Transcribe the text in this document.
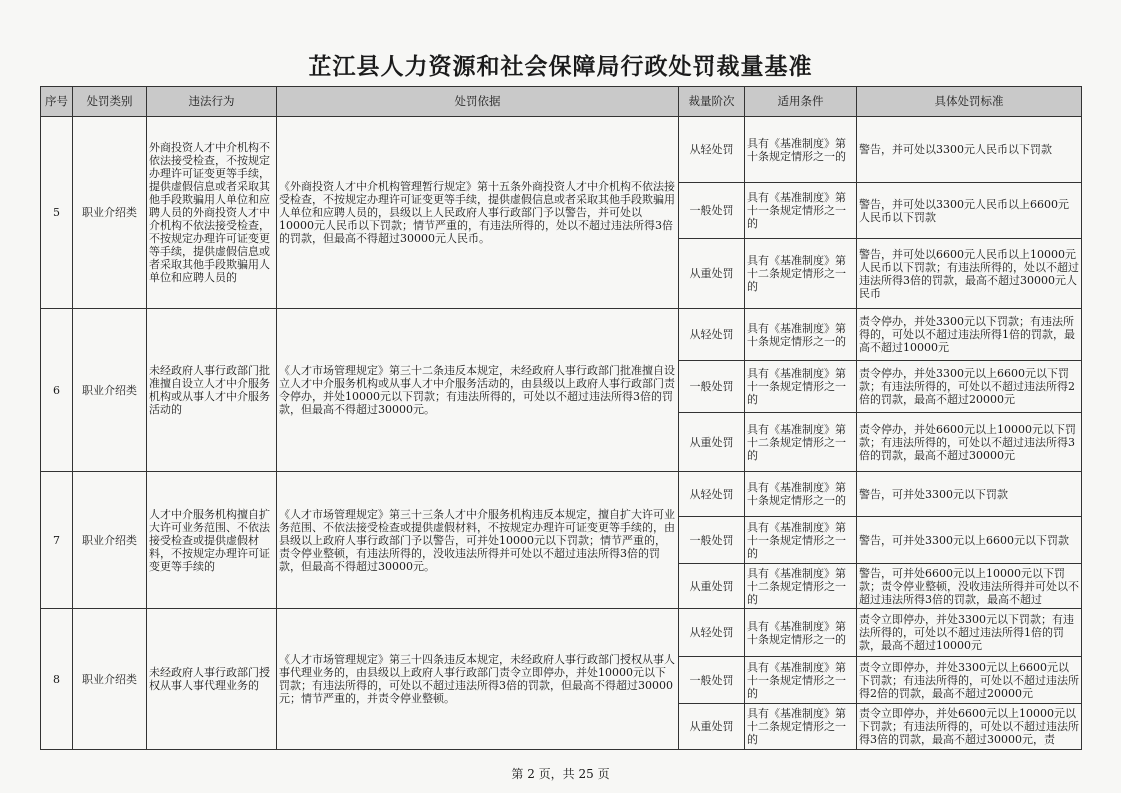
芷江县人力资源和社会保障局行政处罚裁量基准
序号	处罚类别	违法行为	处罚依据	裁量阶次	适用条件	具体处罚标准
5	职业介绍类	外商投资人才中介机构不依法接受检查，不按规定办理许可证变更等手续，提供虚假信息或者采取其他手段欺骗用人单位和应聘人员的外商投资人才中介机构不依法接受检查，不按规定办理许可证变更等手续，提供虚假信息或者采取其他手段欺骗用人单位和应聘人员的	《外商投资人才中介机构管理暂行规定》第十五条外商投资人才中介机构不依法接受检查，不按规定办理许可证变更等手续，提供虚假信息或者采取其他手段欺骗用人单位和应聘人员的，县级以上人民政府人事行政部门予以警告，并可处以10000元人民币以下罚款；情节严重的，有违法所得的，处以不超过违法所得3倍的罚款，但最高不得超过30000元人民币。	从轻处罚	具有《基准制度》第十条规定情形之一的	警告，并可处以3300元人民币以下罚款
				一般处罚	具有《基准制度》第十一条规定情形之一的	警告，并可处以3300元人民币以上6600元人民币以下罚款
				从重处罚	具有《基准制度》第十二条规定情形之一的	警告，并可处以6600元人民币以上10000元人民币以下罚款；有违法所得的，处以不超过违法所得3倍的罚款，最高不超过30000元人民币
6	职业介绍类	未经政府人事行政部门批准擅自设立人才中介服务机构或从事人才中介服务活动的	《人才市场管理规定》第三十二条违反本规定，未经政府人事行政部门批准擅自设立人才中介服务机构或从事人才中介服务活动的，由县级以上政府人事行政部门责令停办，并处10000元以下罚款；有违法所得的，可处以不超过违法所得3倍的罚款，但最高不得超过30000元。	从轻处罚	具有《基准制度》第十条规定情形之一的	责令停办，并处3300元以下罚款；有违法所得的，可处以不超过违法所得1倍的罚款，最高不超过10000元
				一般处罚	具有《基准制度》第十一条规定情形之一的	责令停办，并处3300元以上6600元以下罚款；有违法所得的，可处以不超过违法所得2倍的罚款，最高不超过20000元
				从重处罚	具有《基准制度》第十二条规定情形之一的	责令停办，并处6600元以上10000元以下罚款；有违法所得的，可处以不超过违法所得3倍的罚款，最高不超过30000元
7	职业介绍类	人才中介服务机构擅自扩大许可业务范围、不依法接受检查或提供虚假材料，不按规定办理许可证变更等手续的	《人才市场管理规定》第三十三条人才中介服务机构违反本规定，擅自扩大许可业务范围、不依法接受检查或提供虚假材料，不按规定办理许可证变更等手续的，由县级以上政府人事行政部门予以警告，可并处10000元以下罚款；情节严重的，责令停业整顿，有违法所得的，没收违法所得并可处以不超过违法所得3倍的罚款，但最高不得超过30000元。	从轻处罚	具有《基准制度》第十条规定情形之一的	警告，可并处3300元以下罚款
				一般处罚	具有《基准制度》第十一条规定情形之一的	警告，可并处3300元以上6600元以下罚款
				从重处罚	具有《基准制度》第十二条规定情形之一的	警告，可并处6600元以上10000元以下罚款；责令停业整顿，没收违法所得并可处以不超过违法所得3倍的罚款，最高不超过
8	职业介绍类	未经政府人事行政部门授权从事人事代理业务的	《人才市场管理规定》第三十四条违反本规定，未经政府人事行政部门授权从事人事代理业务的，由县级以上政府人事行政部门责令立即停办，并处10000元以下罚款；有违法所得的，可处以不超过违法所得3倍的罚款，但最高不得超过30000元；情节严重的，并责令停业整顿。	从轻处罚	具有《基准制度》第十条规定情形之一的	责令立即停办，并处3300元以下罚款；有违法所得的，可处以不超过违法所得1倍的罚款，最高不超过10000元
				一般处罚	具有《基准制度》第十一条规定情形之一的	责令立即停办，并处3300元以上6600元以下罚款；有违法所得的，可处以不超过违法所得2倍的罚款，最高不超过20000元
				从重处罚	具有《基准制度》第十二条规定情形之一的	责令立即停办，并处6600元以上10000元以下罚款；有违法所得的，可处以不超过违法所得3倍的罚款，最高不超过30000元，责
第 2 页，共 25 页
